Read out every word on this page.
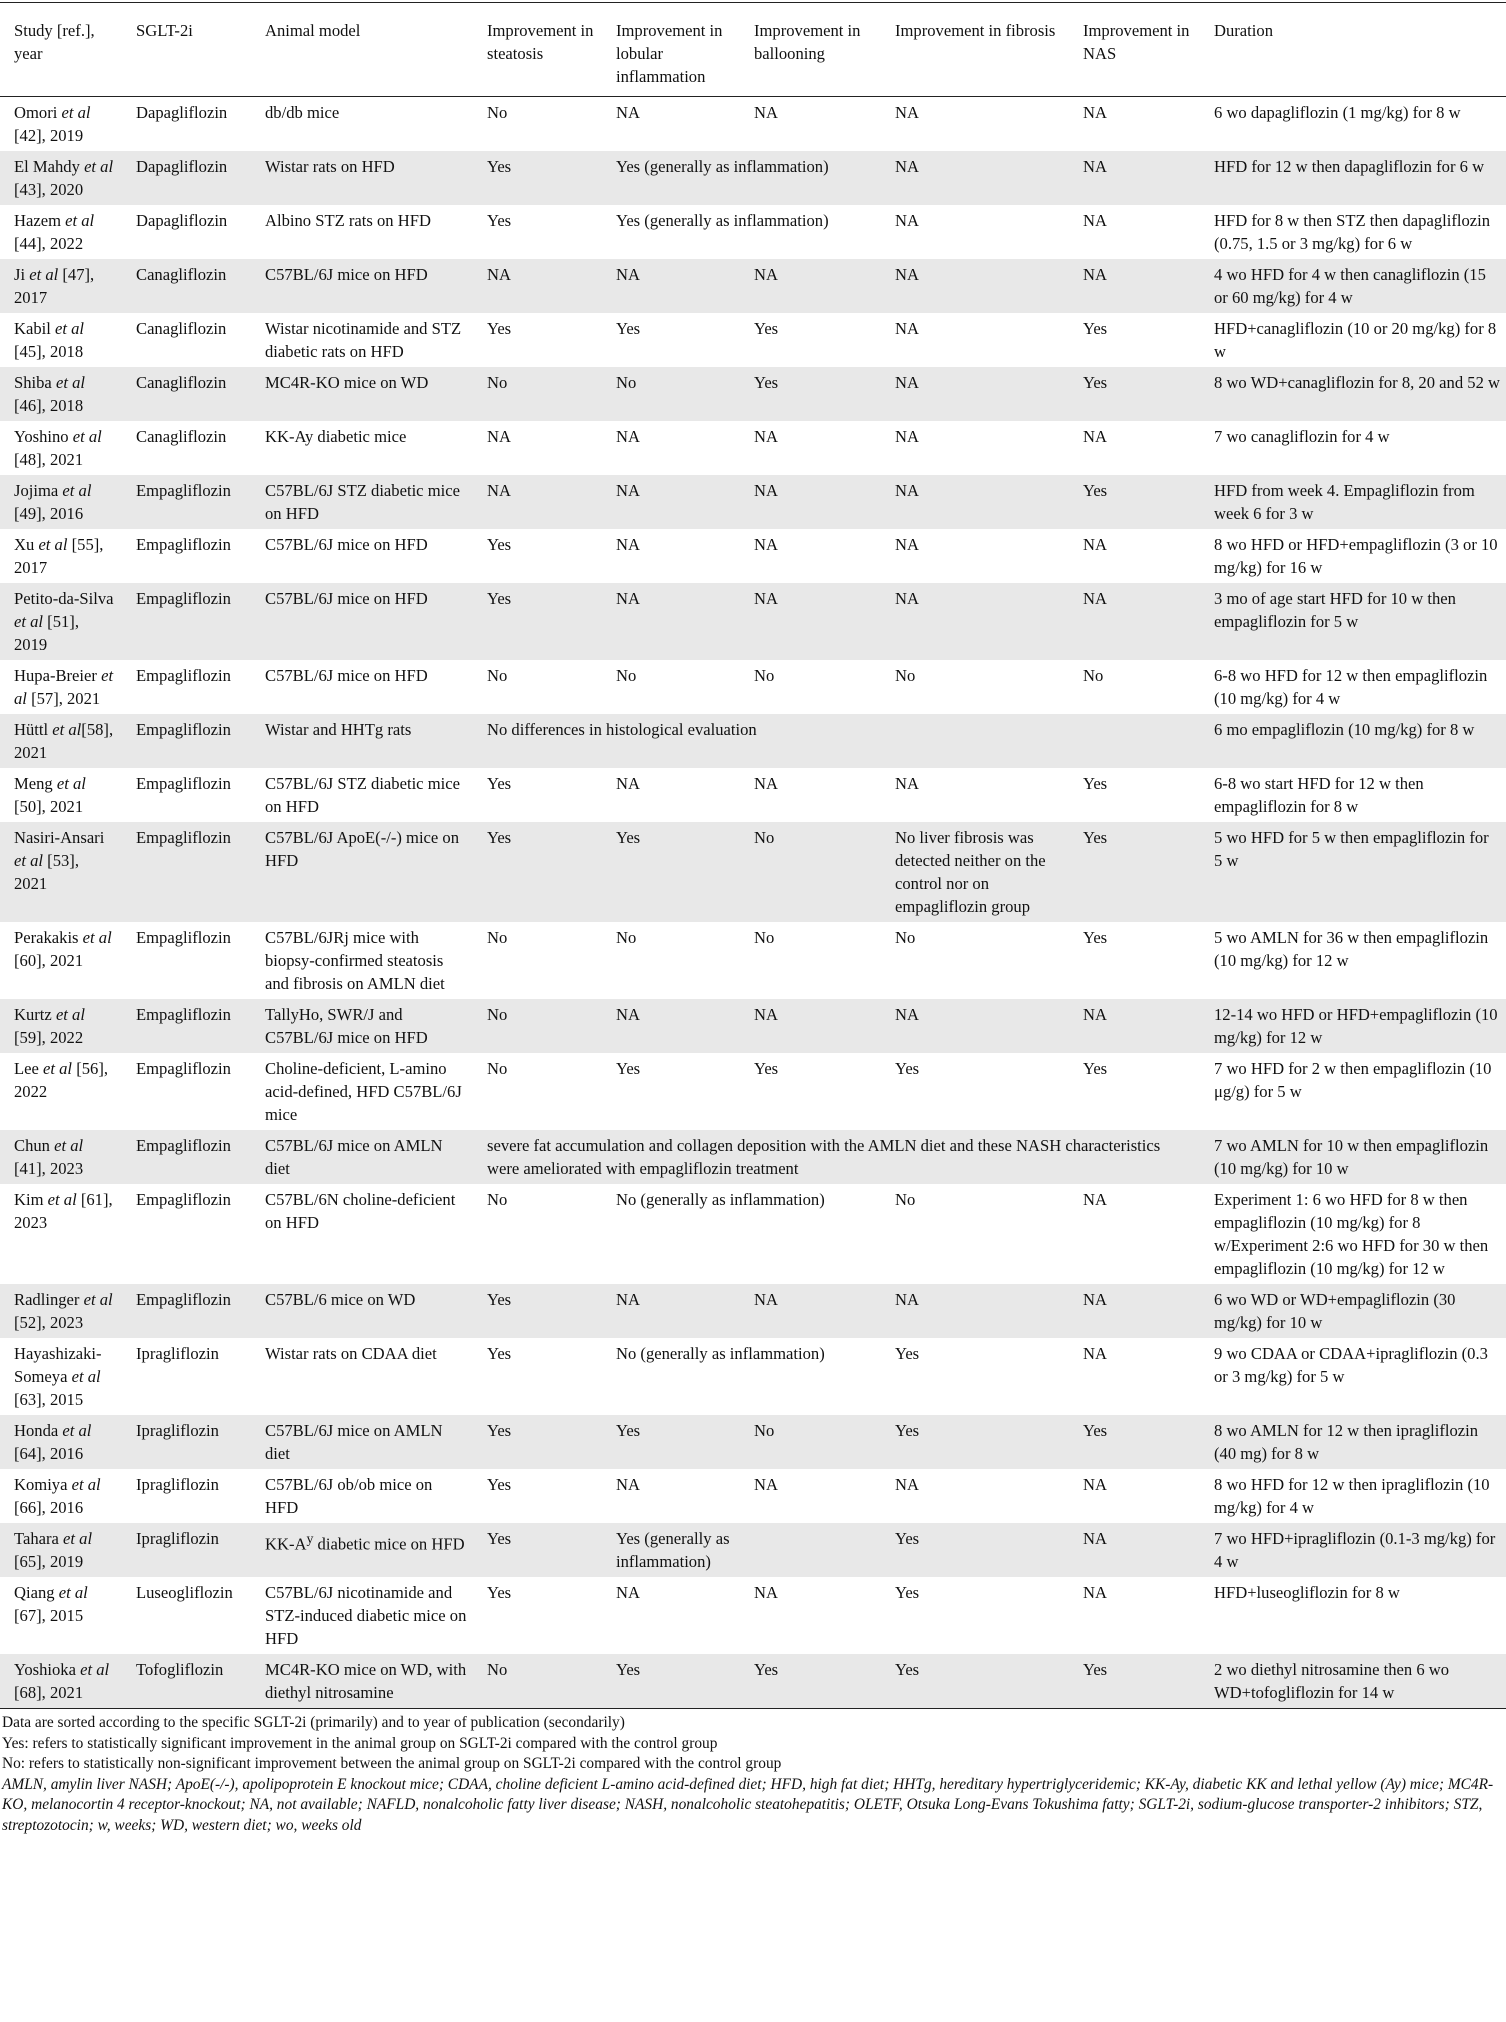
Study [ref.], year	SGLT-2i	Animal model	Improvement in steatosis	Improvement in lobular inflammation	Improvement in ballooning	Improvement in fibrosis	Improvement in NAS	Duration
Omori et al [42], 2019	Dapagliflozin	db/db mice	No	NA	NA	NA	NA	6 wo dapagliflozin (1 mg/kg) for 8 w
El Mahdy et al [43], 2020	Dapagliflozin	Wistar rats on HFD	Yes	Yes (generally as inflammation)		NA	NA	HFD for 12 w then dapagliflozin for 6 w
Hazem et al [44], 2022	Dapagliflozin	Albino STZ rats on HFD	Yes	Yes (generally as inflammation)		NA	NA	HFD for 8 w then STZ then dapagliflozin (0.75, 1.5 or 3 mg/kg) for 6 w
Ji et al [47], 2017	Canagliflozin	C57BL/6J mice on HFD	NA	NA	NA	NA	NA	4 wo HFD for 4 w then canagliflozin (15 or 60 mg/kg) for 4 w
Kabil et al [45], 2018	Canagliflozin	Wistar nicotinamide and STZ diabetic rats on HFD	Yes	Yes	Yes	NA	Yes	HFD+canagliflozin (10 or 20 mg/kg) for 8 w
Shiba et al [46], 2018	Canagliflozin	MC4R-KO mice on WD	No	No	Yes	NA	Yes	8 wo WD+canagliflozin for 8, 20 and 52 w
Yoshino et al [48], 2021	Canagliflozin	KK-Ay diabetic mice	NA	NA	NA	NA	NA	7 wo canagliflozin for 4 w
Jojima et al [49], 2016	Empagliflozin	C57BL/6J STZ diabetic mice on HFD	NA	NA	NA	NA	Yes	HFD from week 4. Empagliflozin from week 6 for 3 w
Xu et al [55], 2017	Empagliflozin	C57BL/6J mice on HFD	Yes	NA	NA	NA	NA	8 wo HFD or HFD+empagliflozin (3 or 10 mg/kg) for 16 w
Petito-da-Silva et al [51], 2019	Empagliflozin	C57BL/6J mice on HFD	Yes	NA	NA	NA	NA	3 mo of age start HFD for 10 w then empagliflozin for 5 w
Hupa-Breier et al [57], 2021	Empagliflozin	C57BL/6J mice on HFD	No	No	No	No	No	6-8 wo HFD for 12 w then empagliflozin (10 mg/kg) for 4 w
Hüttl et al[58], 2021	Empagliflozin	Wistar and HHTg rats	No differences in histological evaluation					6 mo empagliflozin (10 mg/kg) for 8 w
Meng et al [50], 2021	Empagliflozin	C57BL/6J STZ diabetic mice on HFD	Yes	NA	NA	NA	Yes	6-8 wo start HFD for 12 w then empagliflozin for 8 w
Nasiri-Ansari et al [53], 2021	Empagliflozin	C57BL/6J ApoE(-/-) mice on HFD	Yes	Yes	No	No liver fibrosis was detected neither on the control nor on empagliflozin group	Yes	5 wo HFD for 5 w then empagliflozin for 5 w
Perakakis et al [60], 2021	Empagliflozin	C57BL/6JRj mice with biopsy-confirmed steatosis and fibrosis on AMLN diet	No	No	No	No	Yes	5 wo AMLN for 36 w then empagliflozin (10 mg/kg) for 12 w
Kurtz et al [59], 2022	Empagliflozin	TallyHo, SWR/J and C57BL/6J mice on HFD	No	NA	NA	NA	NA	12-14 wo HFD or HFD+empagliflozin (10 mg/kg) for 12 w
Lee et al [56], 2022	Empagliflozin	Choline-deficient, L-amino acid-defined, HFD C57BL/6J mice	No	Yes	Yes	Yes	Yes	7 wo HFD for 2 w then empagliflozin (10 μg/g) for 5 w
Chun et al [41], 2023	Empagliflozin	C57BL/6J mice on AMLN diet	severe fat accumulation and collagen deposition with the AMLN diet and these NASH characteristics were ameliorated with empagliflozin treatment					7 wo AMLN for 10 w then empagliflozin (10 mg/kg) for 10 w
Kim et al [61], 2023	Empagliflozin	C57BL/6N choline-deficient on HFD	No	No (generally as inflammation)		No	NA	Experiment 1: 6 wo HFD for 8 w then empagliflozin (10 mg/kg) for 8 w/Experiment 2:6 wo HFD for 30 w then empagliflozin (10 mg/kg) for 12 w
Radlinger et al [52], 2023	Empagliflozin	C57BL/6 mice on WD	Yes	NA	NA	NA	NA	6 wo WD or WD+empagliflozin (30 mg/kg) for 10 w
Hayashizaki-Someya et al [63], 2015	Ipragliflozin	Wistar rats on CDAA diet	Yes	No (generally as inflammation)		Yes	NA	9 wo CDAA or CDAA+ipragliflozin (0.3 or 3 mg/kg) for 5 w
Honda et al [64], 2016	Ipragliflozin	C57BL/6J mice on AMLN diet	Yes	Yes	No	Yes	Yes	8 wo AMLN for 12 w then ipragliflozin (40 mg) for 8 w
Komiya et al [66], 2016	Ipragliflozin	C57BL/6J ob/ob mice on HFD	Yes	NA	NA	NA	NA	8 wo HFD for 12 w then ipragliflozin (10 mg/kg) for 4 w
Tahara et al [65], 2019	Ipragliflozin	$KK-A^y$ diabetic mice on HFD	Yes	Yes (generally as inflammation)		Yes	NA	7 wo HFD+ipragliflozin (0.1-3 mg/kg) for 4 w
Qiang et al [67], 2015	Luseogliflozin	C57BL/6J nicotinamide and STZ-induced diabetic mice on HFD	Yes	NA	NA	Yes	NA	HFD+luseogliflozin for 8 w
Yoshioka et al [68], 2021	Tofogliflozin	MC4R-KO mice on WD, with diethyl nitrosamine	No	Yes	Yes	Yes	Yes	2 wo diethyl nitrosamine then 6 wo WD+tofogliflozin for 14 w

Data are sorted according to the specific SGLT-2i (primarily) and to year of publication (secondarily)

Yes: refers to statistically significant improvement in the animal group on SGLT-2i compared with the control group

No: refers to statistically non-significant improvement between the animal group on SGLT-2i compared with the control group

AMLN, amylin liver NASH; ApoE(-/-), apolipoprotein E knockout mice; CDAA, choline deficient L-amino acid-defined diet; HFD, high fat diet; HHTg, hereditary hypertriglyceridemic; KK-Ay, diabetic KK and lethal yellow (Ay) mice; MC4R-KO, melanocortin 4 receptor-knockout; NA, not available; NAFLD, nonalcoholic fatty liver disease; NASH, nonalcoholic steatohepatitis; OLETF, Otsuka Long-Evans Tokushima fatty; SGLT-2i, sodium-glucose transporter-2 inhibitors; STZ, streptozotocin; w, weeks; WD, western diet; wo, weeks old
